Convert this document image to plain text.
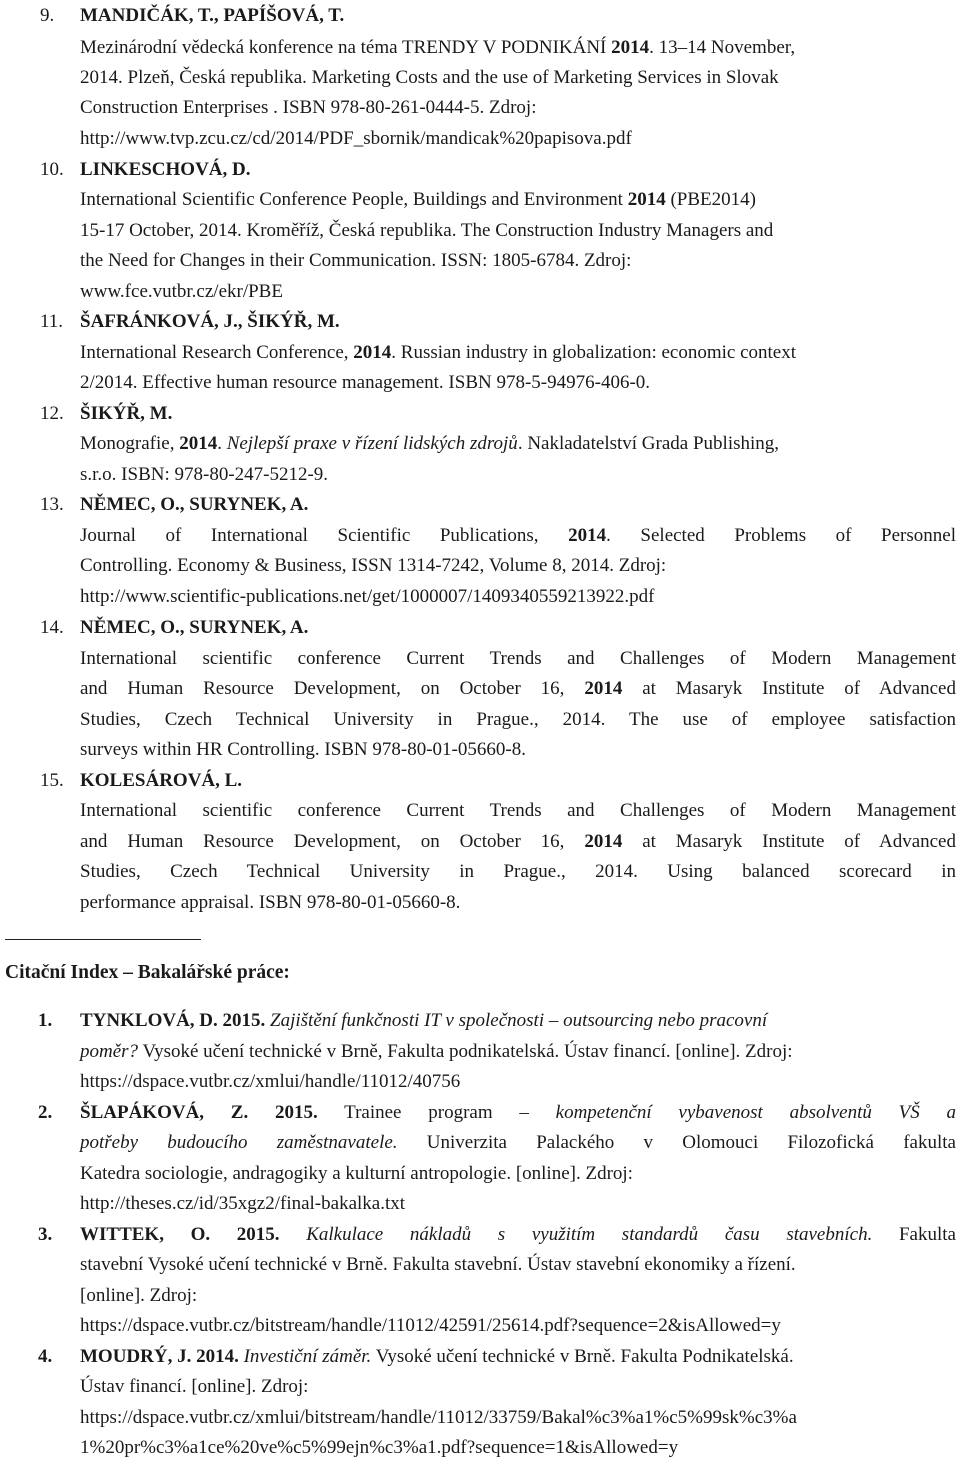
9. MANDIČÁK, T., PAPÍŠOVÁ, T.
Mezinárodní vědecká konference na téma TRENDY V PODNIKÁNÍ 2014. 13–14 November,
2014. Plzeň, Česká republika. Marketing Costs and the use of Marketing Services in Slovak
Construction Enterprises . ISBN 978-80-261-0444-5. Zdroj:
http://www.tvp.zcu.cz/cd/2014/PDF_sbornik/mandicak%20papisova.pdf
10. LINKESCHOVÁ, D.
International Scientific Conference People, Buildings and Environment 2014 (PBE2014)
15-17 October, 2014. Kroměříž, Česká republika. The Construction Industry Managers and
the Need for Changes in their Communication. ISSN: 1805-6784. Zdroj:
www.fce.vutbr.cz/ekr/PBE
11. ŠAFRÁNKOVÁ, J., ŠIKÝŘ, M.
International Research Conference, 2014. Russian industry in globalization: economic context
2/2014. Effective human resource management. ISBN 978-5-94976-406-0.
12. ŠIKÝŘ, M.
Monografie, 2014. Nejlepší praxe v řízení lidských zdrojů. Nakladatelství Grada Publishing,
s.r.o. ISBN: 978-80-247-5212-9.
13. NĚMEC, O., SURYNEK, A.
Journal of International Scientific Publications, 2014. Selected Problems of Personnel
Controlling. Economy & Business, ISSN 1314-7242, Volume 8, 2014. Zdroj:
http://www.scientific-publications.net/get/1000007/1409340559213922.pdf
14. NĚMEC, O., SURYNEK, A.
International scientific conference Current Trends and Challenges of Modern Management
and Human Resource Development, on October 16, 2014 at Masaryk Institute of Advanced
Studies, Czech Technical University in Prague., 2014. The use of employee satisfaction
surveys within HR Controlling. ISBN 978-80-01-05660-8.
15. KOLESÁROVÁ, L.
International scientific conference Current Trends and Challenges of Modern Management
and Human Resource Development, on October 16, 2014 at Masaryk Institute of Advanced
Studies, Czech Technical University in Prague., 2014. Using balanced scorecard in
performance appraisal. ISBN 978-80-01-05660-8.
Citační Index – Bakalářské práce:
1. TYNKLOVÁ, D. 2015. Zajištění funkčnosti IT v společnosti – outsourcing nebo pracovní
poměr? Vysoké učení technické v Brně, Fakulta podnikatelská. Ústav financí. [online]. Zdroj:
https://dspace.vutbr.cz/xmlui/handle/11012/40756
2. ŠLAPÁKOVÁ, Z. 2015. Trainee program – kompetenční vybavenost absolventů VŠ a
potřeby budoucího zaměstnavatele. Univerzita Palackého v Olomouci Filozofická fakulta
Katedra sociologie, andragogiky a kulturní antropologie. [online]. Zdroj:
http://theses.cz/id/35xgz2/final-bakalka.txt
3. WITTEK, O. 2015. Kalkulace nákladů s využitím standardů času stavebních. Fakulta
stavební Vysoké učení technické v Brně. Fakulta stavební. Ústav stavební ekonomiky a řízení.
[online]. Zdroj:
https://dspace.vutbr.cz/bitstream/handle/11012/42591/25614.pdf?sequence=2&isAllowed=y
4. MOUDRÝ, J. 2014. Investiční záměr. Vysoké učení technické v Brně. Fakulta Podnikatelská.
Ústav financí. [online]. Zdroj:
https://dspace.vutbr.cz/xmlui/bitstream/handle/11012/33759/Bakal%c3%a1%c5%99sk%c3%a
1%20pr%c3%a1ce%20ve%c5%99ejn%c3%a1.pdf?sequence=1&isAllowed=y
